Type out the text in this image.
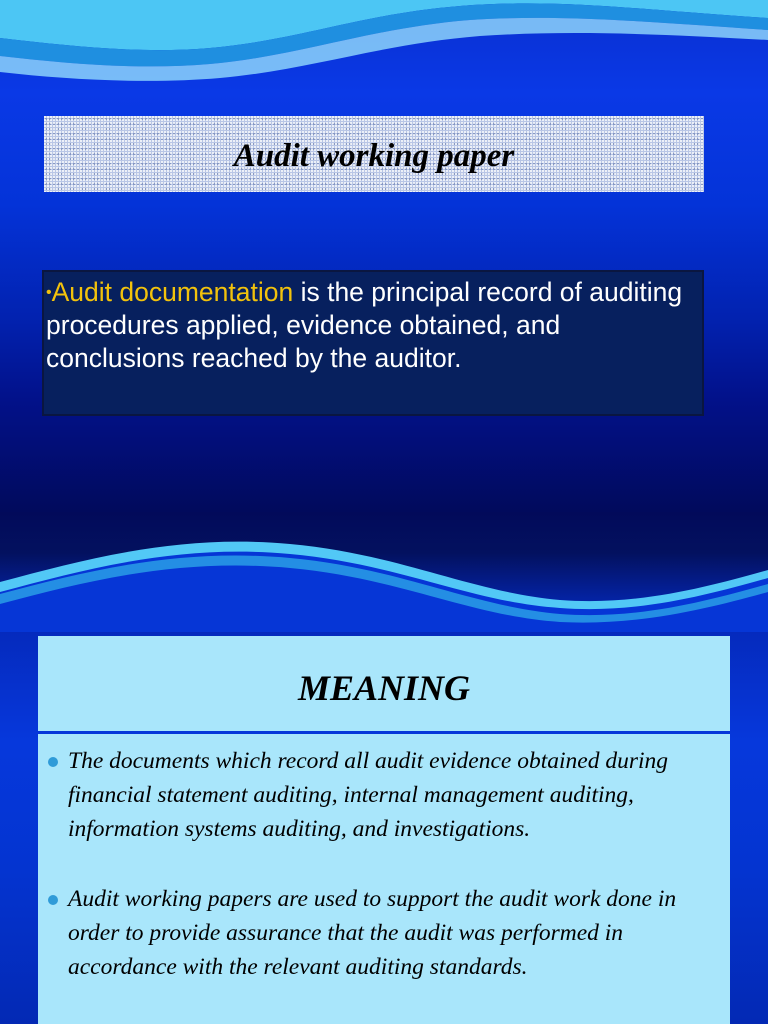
Audit working paper
•Audit documentation is the principal record of auditing procedures applied, evidence obtained, and conclusions reached by the auditor.
MEANING
The documents which record all audit evidence obtained during financial statement auditing, internal management auditing, information systems auditing, and investigations.
Audit working papers are used to support the audit work done in order to provide assurance that the audit was performed in accordance with the relevant auditing standards.
